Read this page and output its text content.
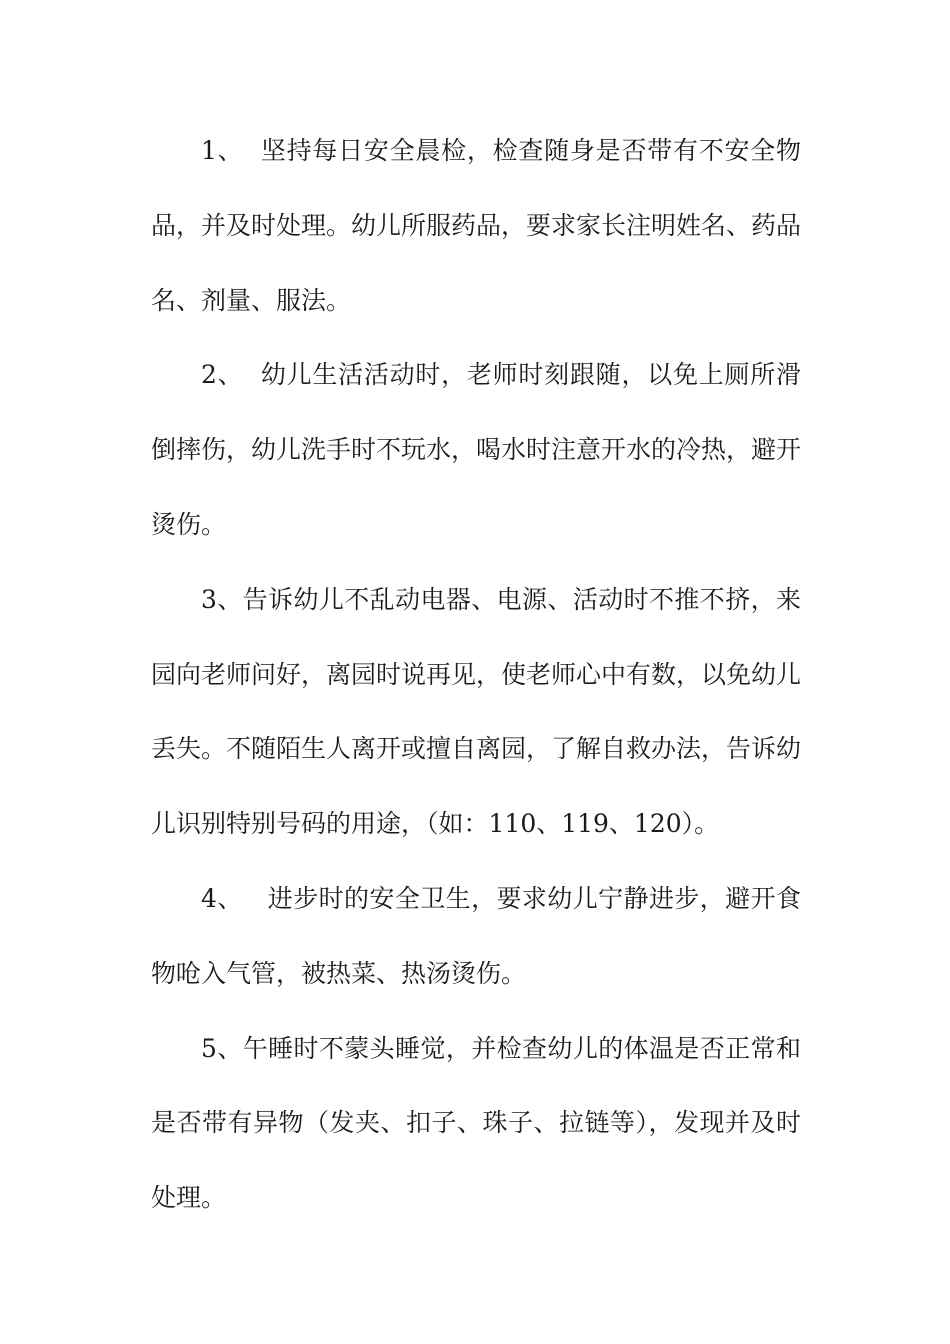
1、  坚持每日安全晨检，检查随身是否带有不安全物品，并及时处理。幼儿所服药品，要求家长注明姓名、药品名、剂量、服法。

2、  幼儿生活活动时，老师时刻跟随，以免上厕所滑倒摔伤，幼儿洗手时不玩水，喝水时注意开水的冷热，避开烫伤。

3、告诉幼儿不乱动电器、电源、活动时不推不挤，来园向老师问好，离园时说再见，使老师心中有数，以免幼儿丢失。不随陌生人离开或擅自离园，了解自救办法，告诉幼儿识别特别号码的用途，（如：110、119、120）。

4、   进步时的安全卫生，要求幼儿宁静进步，避开食物呛入气管，被热菜、热汤烫伤。

5、午睡时不蒙头睡觉，并检查幼儿的体温是否正常和是否带有异物（发夹、扣子、珠子、拉链等），发现并及时处理。
